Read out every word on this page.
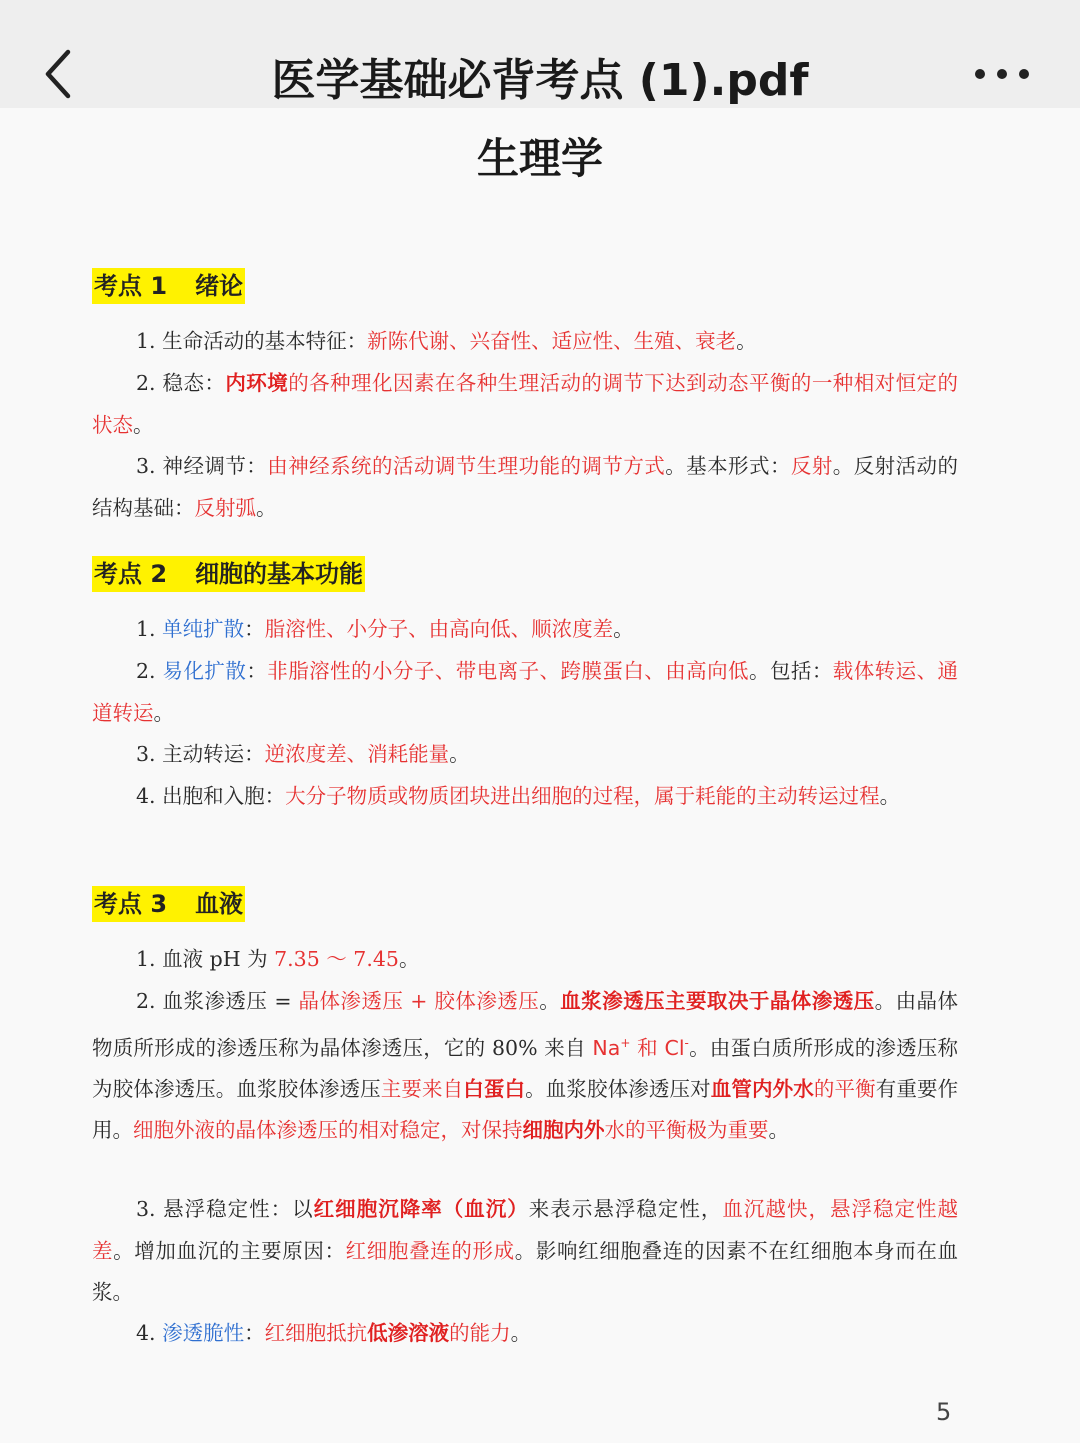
医学基础必背考点 (1).pdf
生理学
考点 1 绪论
1. 生命活动的基本特征：新陈代谢、兴奋性、适应性、生殖、衰老。
2. 稳态：内环境的各种理化因素在各种生理活动的调节下达到动态平衡的一种相对恒定的状态。
3. 神经调节：由神经系统的活动调节生理功能的调节方式。基本形式：反射。反射活动的结构基础：反射弧。
考点 2 细胞的基本功能
1. 单纯扩散：脂溶性、小分子、由高向低、顺浓度差。
2. 易化扩散：非脂溶性的小分子、带电离子、跨膜蛋白、由高向低。包括：载体转运、通道转运。
3. 主动转运：逆浓度差、消耗能量。
4. 出胞和入胞：大分子物质或物质团块进出细胞的过程，属于耗能的主动转运过程。
考点 3 血液
1. 血液 pH 为 7.35 ～ 7.45。
2. 血浆渗透压 = 晶体渗透压 + 胶体渗透压。血浆渗透压主要取决于晶体渗透压。由晶体物质所形成的渗透压称为晶体渗透压，它的 80% 来自 Na+ 和 Cl-。由蛋白质所形成的渗透压称为胶体渗透压。血浆胶体渗透压主要来自白蛋白。血浆胶体渗透压对血管内外水的平衡有重要作用。细胞外液的晶体渗透压的相对稳定，对保持细胞内外水的平衡极为重要。
3. 悬浮稳定性：以红细胞沉降率（血沉）来表示悬浮稳定性，血沉越快，悬浮稳定性越差。增加血沉的主要原因：红细胞叠连的形成。影响红细胞叠连的因素不在红细胞本身而在血浆。
4. 渗透脆性：红细胞抵抗低渗溶液的能力。
5
